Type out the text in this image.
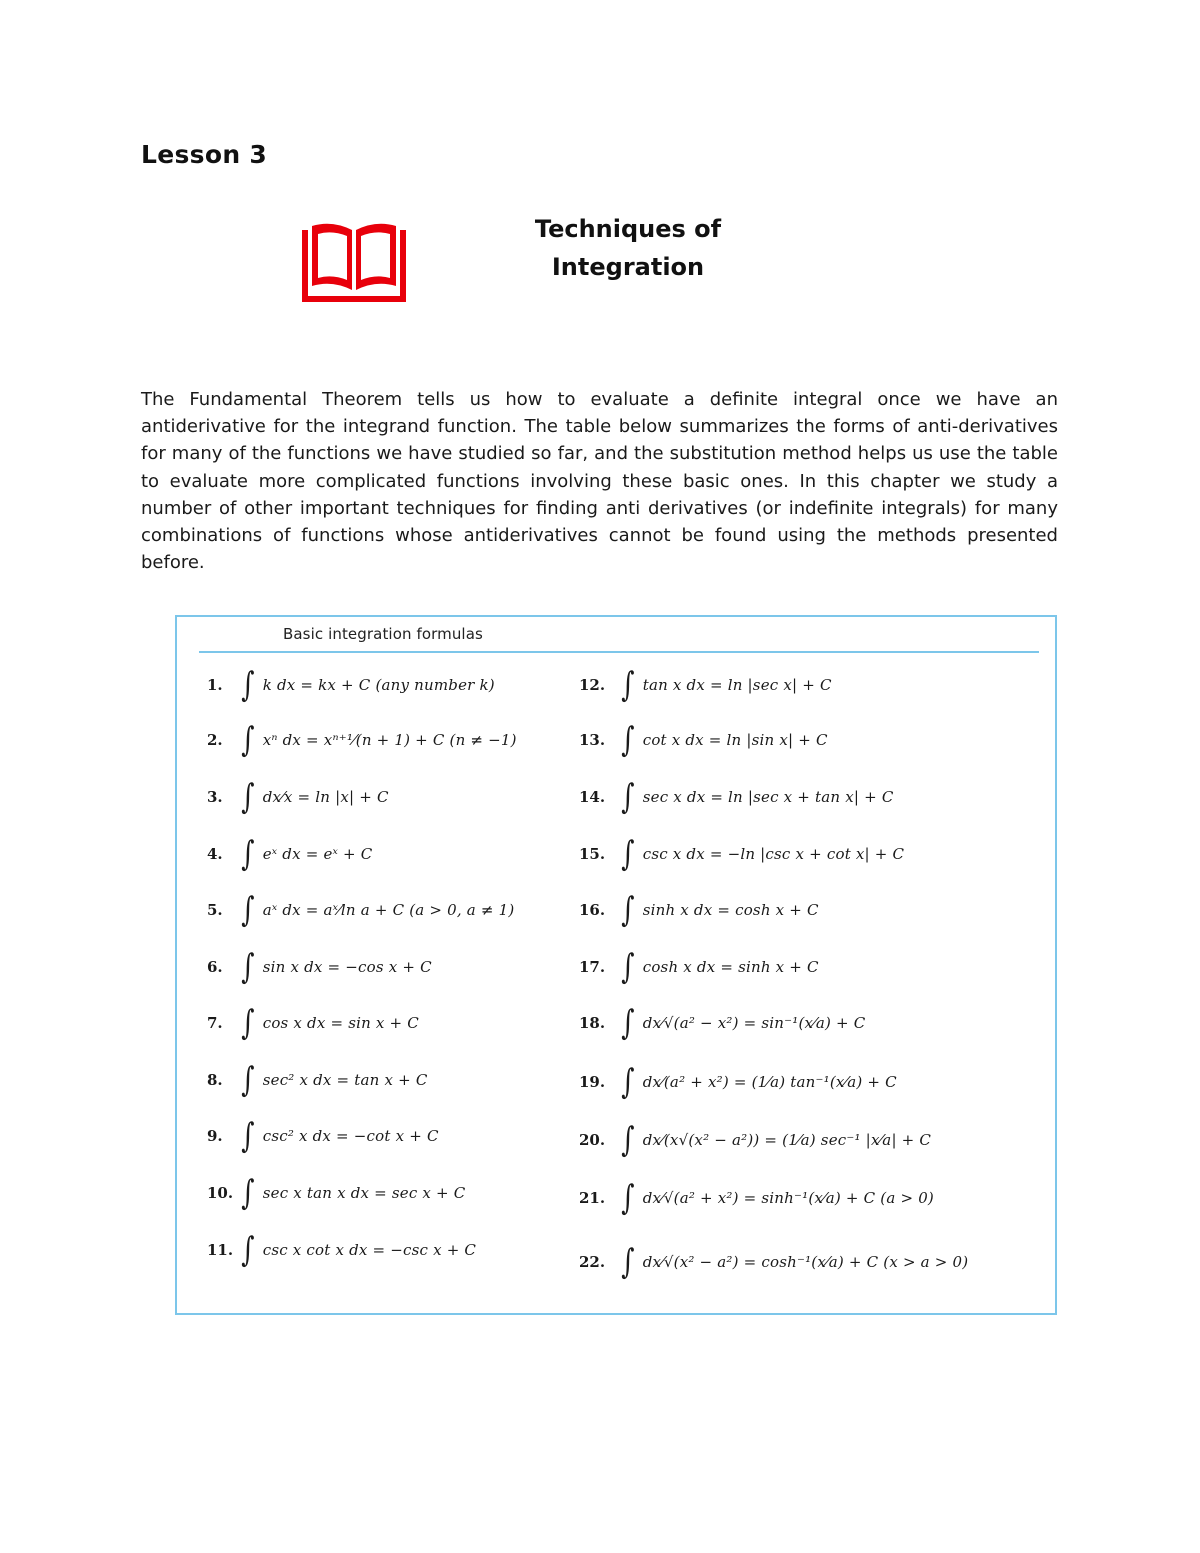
Lesson 3
Techniques of
Integration

The Fundamental Theorem tells us how to evaluate a definite integral once we have an antiderivative for the integrand function. The table below summarizes the forms of anti-derivatives for many of the functions we have studied so far, and the substitution method helps us use the table to evaluate more complicated functions involving these basic ones. In this chapter we study a number of other important techniques for finding anti derivatives (or indefinite integrals) for many combinations of functions whose antiderivatives cannot be found using the methods presented before.

Basic integration formulas
1. ∫ k dx = kx + C (any number k)
2. ∫ xⁿ dx = xⁿ⁺¹⁄(n + 1) + C (n ≠ −1)
3. ∫ dx⁄x = ln |x| + C
4. ∫ eˣ dx = eˣ + C
5. ∫ aˣ dx = aˣ⁄ln a + C (a > 0, a ≠ 1)
6. ∫ sin x dx = −cos x + C
7. ∫ cos x dx = sin x + C
8. ∫ sec² x dx = tan x + C
9. ∫ csc² x dx = −cot x + C
10. ∫ sec x tan x dx = sec x + C
11. ∫ csc x cot x dx = −csc x + C
12. ∫ tan x dx = ln |sec x| + C
13. ∫ cot x dx = ln |sin x| + C
14. ∫ sec x dx = ln |sec x + tan x| + C
15. ∫ csc x dx = −ln |csc x + cot x| + C
16. ∫ sinh x dx = cosh x + C
17. ∫ cosh x dx = sinh x + C
18. ∫ dx⁄√(a² − x²) = sin⁻¹(x⁄a) + C
19. ∫ dx⁄(a² + x²) = (1⁄a) tan⁻¹(x⁄a) + C
20. ∫ dx⁄(x√(x² − a²)) = (1⁄a) sec⁻¹ |x⁄a| + C
21. ∫ dx⁄√(a² + x²) = sinh⁻¹(x⁄a) + C (a > 0)
22. ∫ dx⁄√(x² − a²) = cosh⁻¹(x⁄a) + C (x > a > 0)
